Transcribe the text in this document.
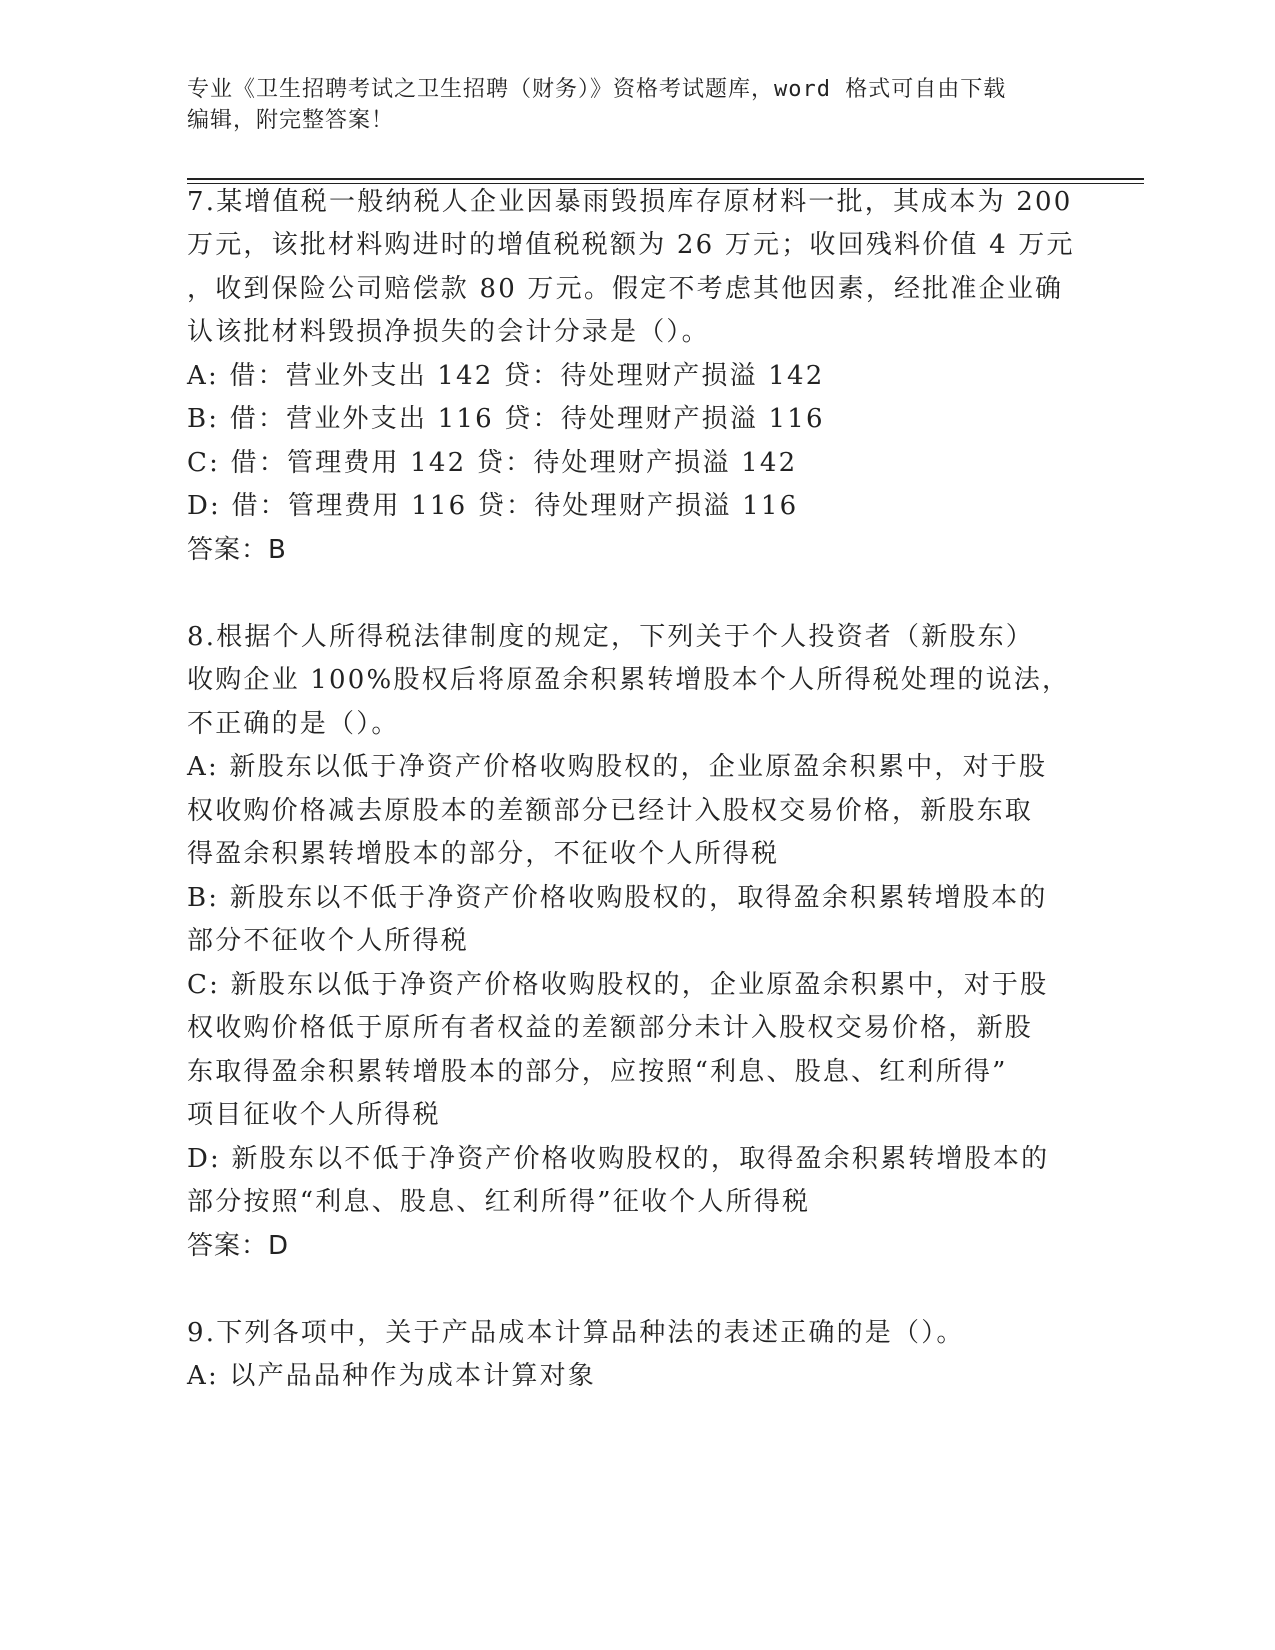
专业《卫生招聘考试之卫生招聘（财务）》资格考试题库，word 格式可自由下载
编辑，附完整答案！
7.某增值税一般纳税人企业因暴雨毁损库存原材料一批，其成本为 200
万元，该批材料购进时的增值税税额为 26 万元；收回残料价值 4 万元
，收到保险公司赔偿款 80 万元。假定不考虑其他因素，经批准企业确
认该批材料毁损净损失的会计分录是（）。
A: 借：营业外支出 142 贷：待处理财产损溢 142
B: 借：营业外支出 116 贷：待处理财产损溢 116
C: 借：管理费用 142 贷：待处理财产损溢 142
D: 借：管理费用 116 贷：待处理财产损溢 116
答案：B
8.根据个人所得税法律制度的规定，下列关于个人投资者（新股东）
收购企业 100%股权后将原盈余积累转增股本个人所得税处理的说法，
不正确的是（）。
A: 新股东以低于净资产价格收购股权的，企业原盈余积累中，对于股
权收购价格减去原股本的差额部分已经计入股权交易价格，新股东取
得盈余积累转增股本的部分，不征收个人所得税
B: 新股东以不低于净资产价格收购股权的，取得盈余积累转增股本的
部分不征收个人所得税
C: 新股东以低于净资产价格收购股权的，企业原盈余积累中，对于股
权收购价格低于原所有者权益的差额部分未计入股权交易价格，新股
东取得盈余积累转增股本的部分，应按照“利息、股息、红利所得”
项目征收个人所得税
D: 新股东以不低于净资产价格收购股权的，取得盈余积累转增股本的
部分按照“利息、股息、红利所得”征收个人所得税
答案：D
9.下列各项中，关于产品成本计算品种法的表述正确的是（）。
A: 以产品品种作为成本计算对象
